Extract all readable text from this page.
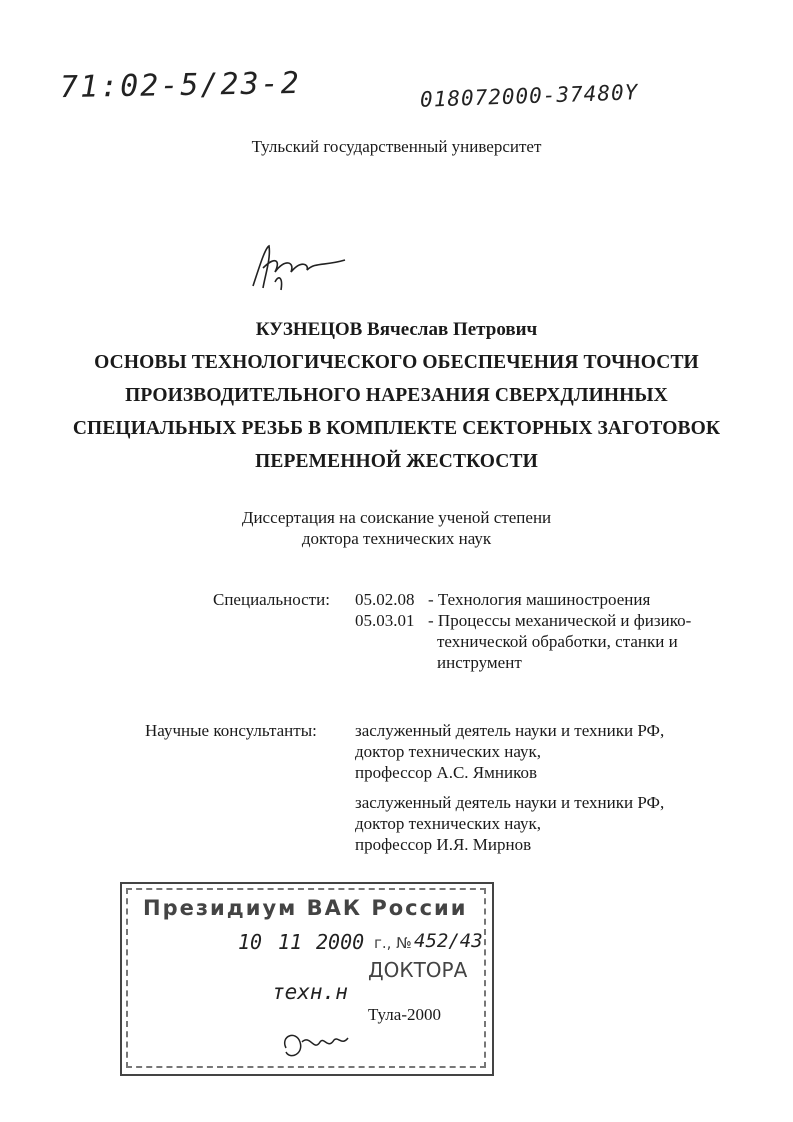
71:02-5/23-2	018072000-37480Y
Тульский государственный университет
КУЗНЕЦОВ Вячеслав Петрович
ОСНОВЫ ТЕХНОЛОГИЧЕСКОГО ОБЕСПЕЧЕНИЯ ТОЧНОСТИ
ПРОИЗВОДИТЕЛЬНОГО НАРЕЗАНИЯ СВЕРХДЛИННЫХ
СПЕЦИАЛЬНЫХ РЕЗЬБ В КОМПЛЕКТЕ СЕКТОРНЫХ ЗАГОТОВОК
ПЕРЕМЕННОЙ ЖЕСТКОСТИ
Диссертация на соискание ученой степени
доктора технических наук
Специальности: 05.02.08 - Технология машиностроения
05.03.01 - Процессы механической и физико-
технической обработки, станки и
инструмент
Научные консультанты: заслуженный деятель науки и техники РФ,
доктор технических наук,
профессор А.С. Ямников
заслуженный деятель науки и техники РФ,
доктор технических наук,
профессор И.Я. Мирнов
Президиум ВАК России
10 11 2000 г., № 452/43
ДОКТОРА
техн.н
Тула-2000
